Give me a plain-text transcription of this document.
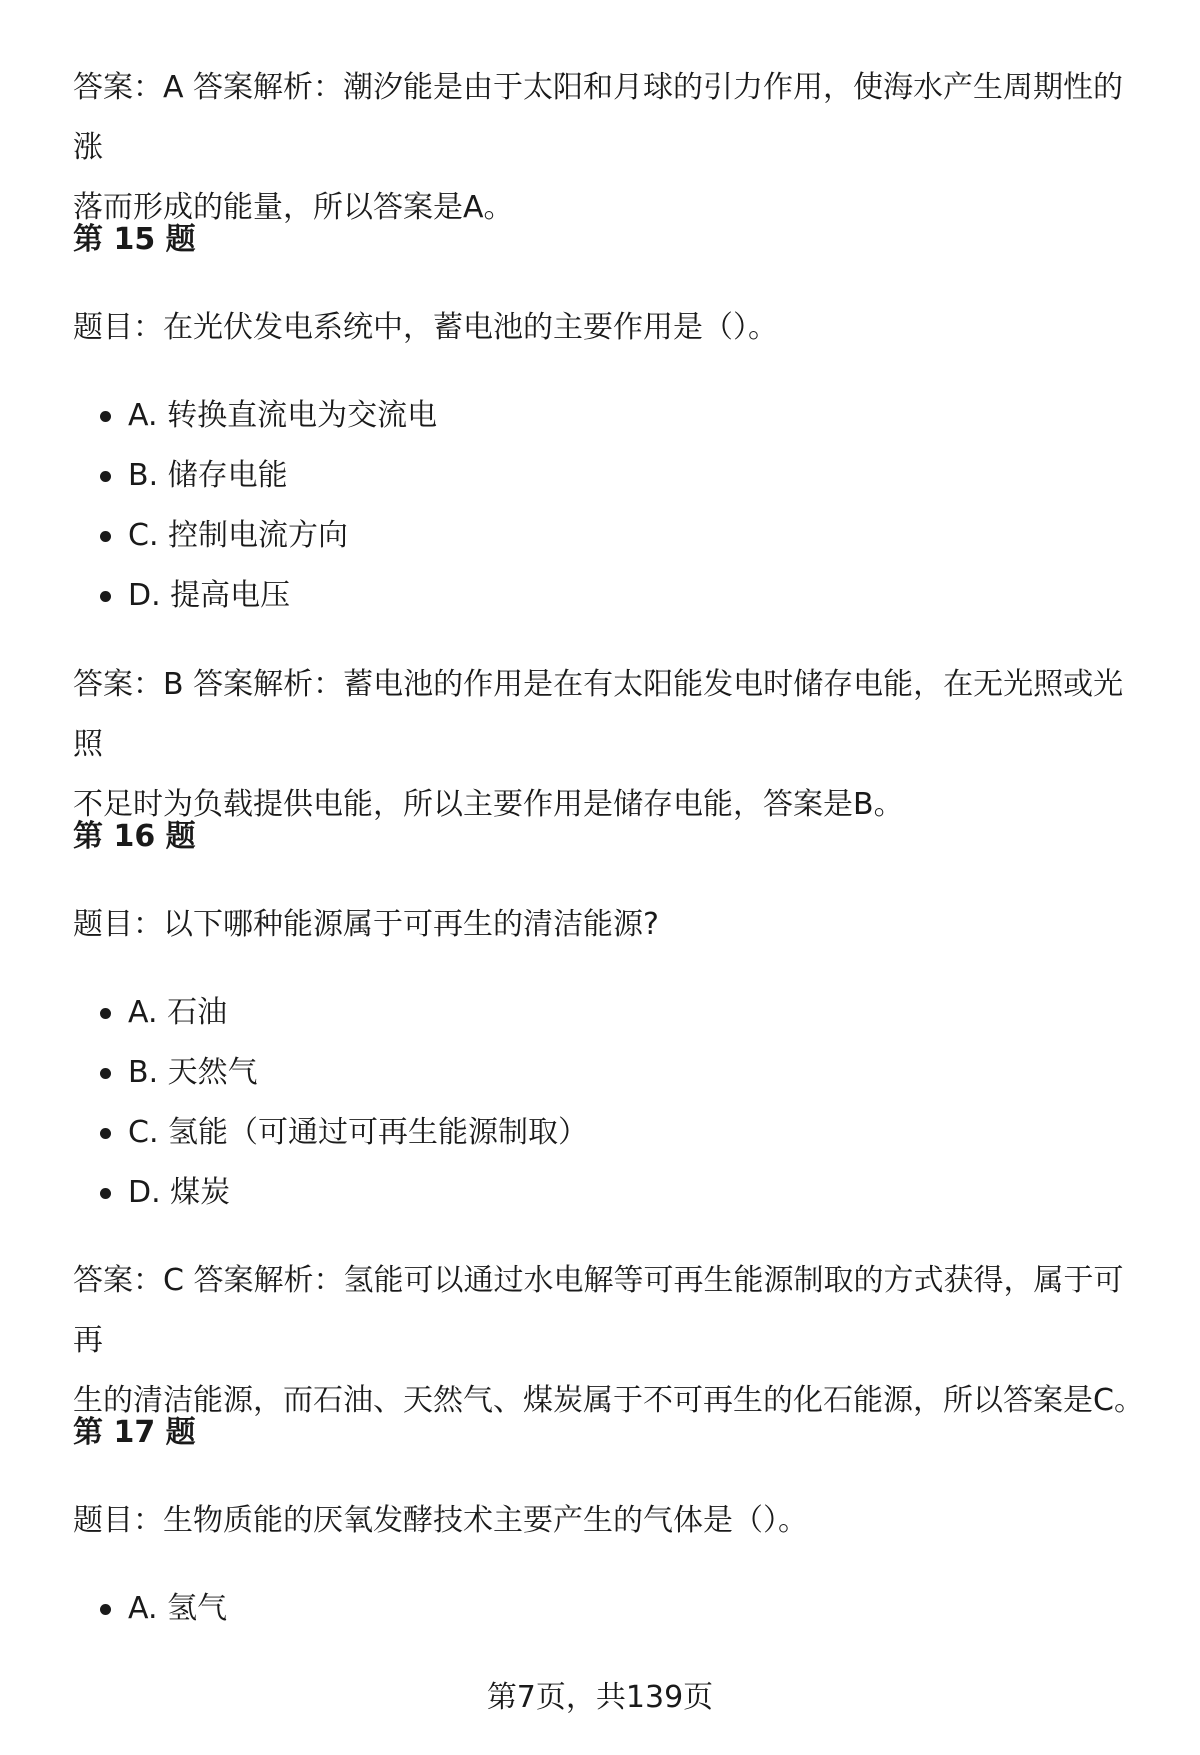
答案：A 答案解析：潮汐能是由于太阳和月球的引力作用，使海水产生周期性的涨
落而形成的能量，所以答案是A。
第 15 题
题目：在光伏发电系统中，蓄电池的主要作用是（）。
A. 转换直流电为交流电
B. 储存电能
C. 控制电流方向
D. 提高电压
答案：B 答案解析：蓄电池的作用是在有太阳能发电时储存电能，在无光照或光照
不足时为负载提供电能，所以主要作用是储存电能，答案是B。
第 16 题
题目：以下哪种能源属于可再生的清洁能源?
A. 石油
B. 天然气
C. 氢能（可通过可再生能源制取）
D. 煤炭
答案：C 答案解析：氢能可以通过水电解等可再生能源制取的方式获得，属于可再
生的清洁能源，而石油、天然气、煤炭属于不可再生的化石能源，所以答案是C。
第 17 题
题目：生物质能的厌氧发酵技术主要产生的气体是（）。
A. 氢气
第7页，共139页
